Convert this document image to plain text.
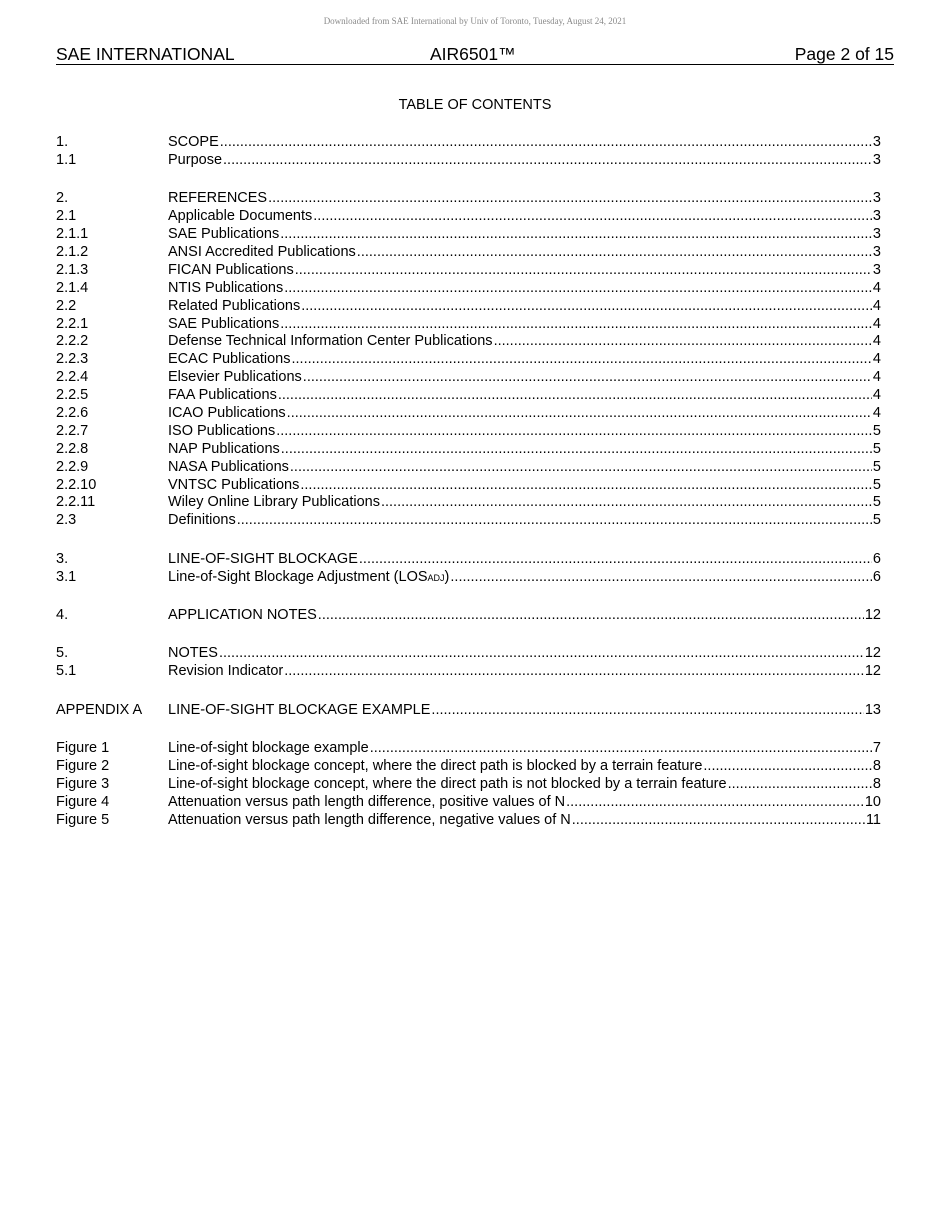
Downloaded from SAE International by Univ of Toronto, Tuesday, August 24, 2021
SAE INTERNATIONAL	AIR6501™	Page 2 of 15
TABLE OF CONTENTS
1.	SCOPE .....	3
1.1	Purpose .....	3
2.	REFERENCES .....	3
2.1	Applicable Documents .....	3
2.1.1	SAE Publications .....	3
2.1.2	ANSI Accredited Publications .....	3
2.1.3	FICAN Publications .....	3
2.1.4	NTIS Publications .....	4
2.2	Related Publications .....	4
2.2.1	SAE Publications .....	4
2.2.2	Defense Technical Information Center Publications .....	4
2.2.3	ECAC Publications .....	4
2.2.4	Elsevier Publications .....	4
2.2.5	FAA Publications .....	4
2.2.6	ICAO Publications .....	4
2.2.7	ISO Publications .....	5
2.2.8	NAP Publications .....	5
2.2.9	NASA Publications .....	5
2.2.10	VNTSC Publications .....	5
2.2.11	Wiley Online Library Publications .....	5
2.3	Definitions .....	5
3.	LINE-OF-SIGHT BLOCKAGE .....	6
3.1	Line-of-Sight Blockage Adjustment (LOSADJ) .....	6
4.	APPLICATION NOTES .....	12
5.	NOTES .....	12
5.1	Revision Indicator .....	12
APPENDIX A	LINE-OF-SIGHT BLOCKAGE EXAMPLE .....	13
Figure 1	Line-of-sight blockage example .....	7
Figure 2	Line-of-sight blockage concept, where the direct path is blocked by a terrain feature .....	8
Figure 3	Line-of-sight blockage concept, where the direct path is not blocked by a terrain feature .....	8
Figure 4	Attenuation versus path length difference, positive values of N .....	10
Figure 5	Attenuation versus path length difference, negative values of N .....	11
